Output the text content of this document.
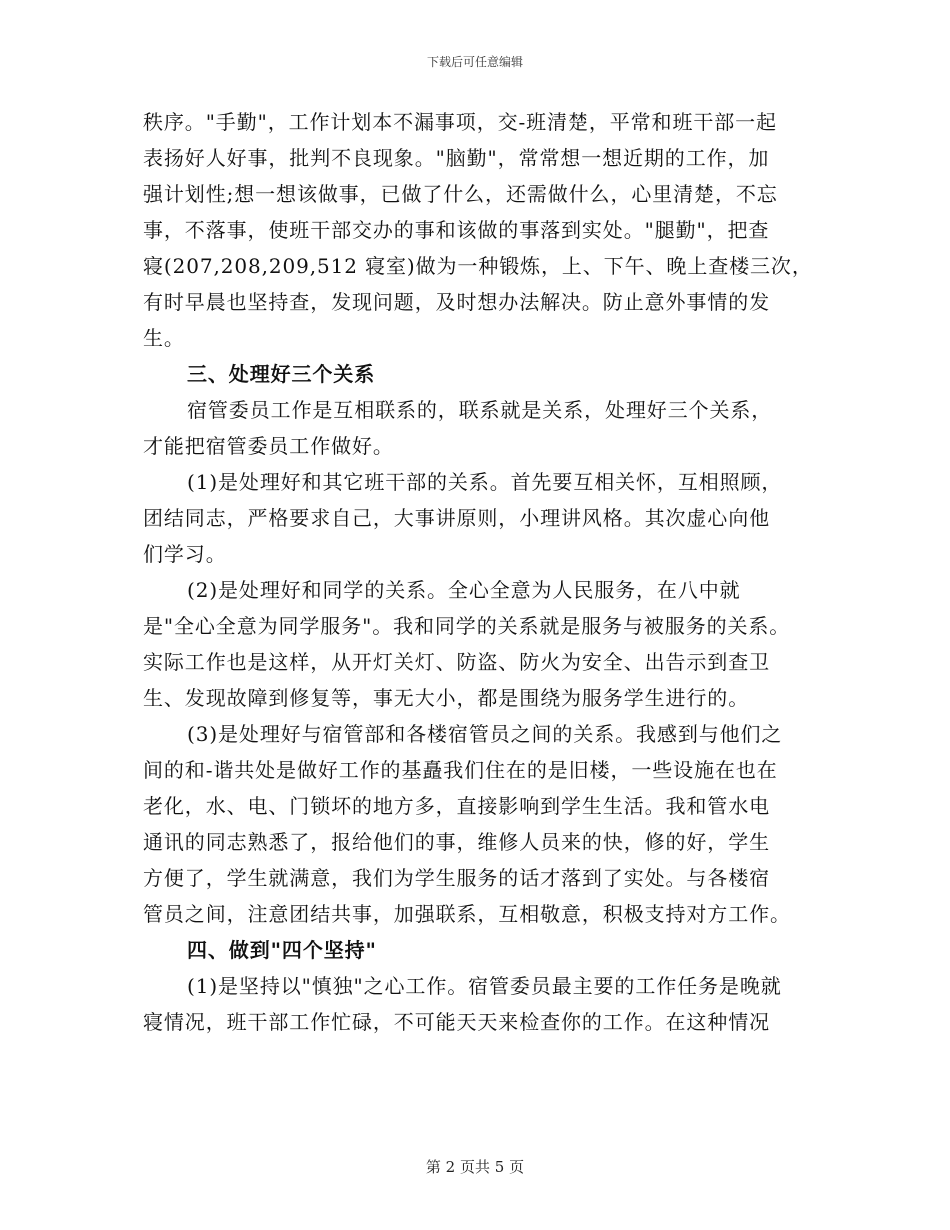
下载后可任意编辑
秩序。"手勤"，工作计划本不漏事项，交-班清楚，平常和班干部一起
表扬好人好事，批判不良现象。"脑勤"，常常想一想近期的工作，加
强计划性;想一想该做事，已做了什么，还需做什么，心里清楚，不忘
事，不落事，使班干部交办的事和该做的事落到实处。"腿勤"，把查
寝(207,208,209,512 寝室)做为一种锻炼，上、下午、晚上查楼三次，
有时早晨也坚持查，发现问题，及时想办法解决。防止意外事情的发
生。
三、处理好三个关系
宿管委员工作是互相联系的，联系就是关系，处理好三个关系，
才能把宿管委员工作做好。
(1)是处理好和其它班干部的关系。首先要互相关怀，互相照顾，
团结同志，严格要求自己，大事讲原则，小理讲风格。其次虚心向他
们学习。
(2)是处理好和同学的关系。全心全意为人民服务，在八中就
是"全心全意为同学服务"。我和同学的关系就是服务与被服务的关系。
实际工作也是这样，从开灯关灯、防盗、防火为安全、出告示到查卫
生、发现故障到修复等，事无大小，都是围绕为服务学生进行的。
(3)是处理好与宿管部和各楼宿管员之间的关系。我感到与他们之
间的和-谐共处是做好工作的基矗我们住在的是旧楼，一些设施在也在
老化，水、电、门锁坏的地方多，直接影响到学生生活。我和管水电
通讯的同志熟悉了，报给他们的事，维修人员来的快，修的好，学生
方便了，学生就满意，我们为学生服务的话才落到了实处。与各楼宿
管员之间，注意团结共事，加强联系，互相敬意，积极支持对方工作。
四、做到"四个坚持"
(1)是坚持以"慎独"之心工作。宿管委员最主要的工作任务是晚就
寝情况，班干部工作忙碌，不可能天天来检查你的工作。在这种情况
第 2 页共 5 页
